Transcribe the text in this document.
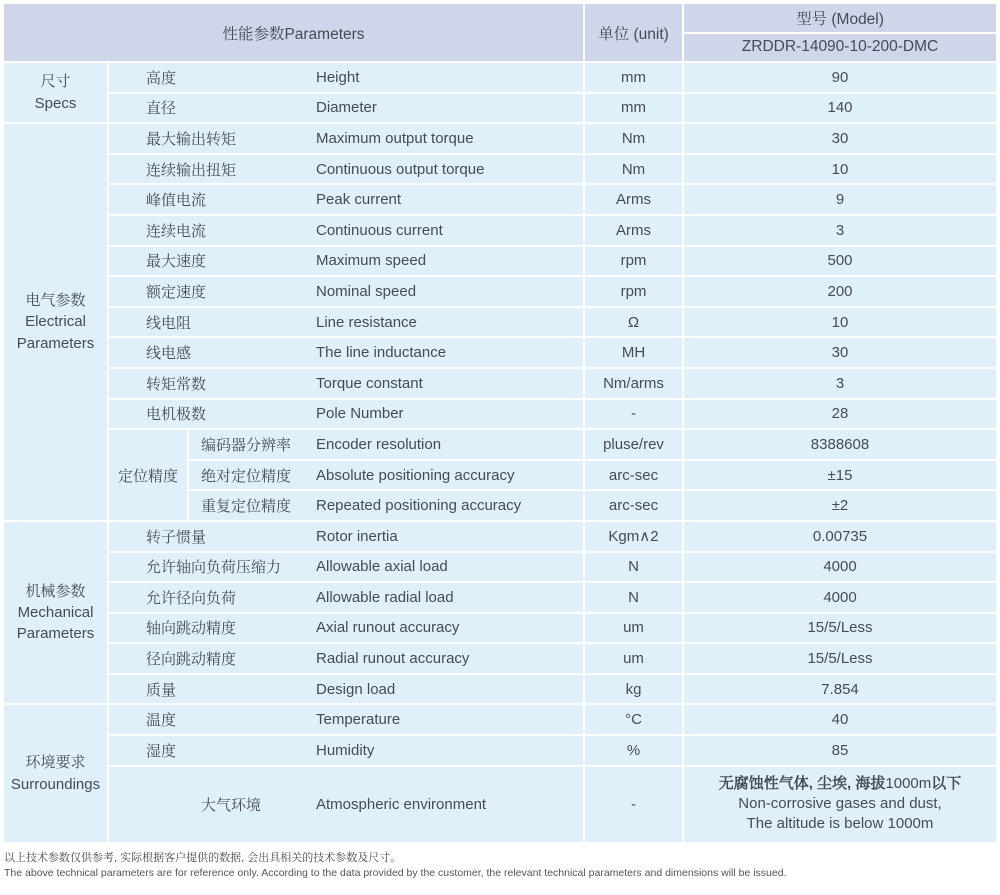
性能参数Parameters			单位 (unit)	型号 (Model)
				ZRDDR-14090-10-200-DMC

尺寸
Specs	高度 Height		mm	90
	直径 Diameter		mm	140

电气参数
Electrical Parameters	最大输出转矩 Maximum output torque		Nm	30
	连续输出扭矩 Continuous output torque		Nm	10
	峰值电流 Peak current		Arms	9
	连续电流 Continuous current		Arms	3
	最大速度 Maximum speed		rpm	500
	额定速度 Nominal speed		rpm	200
	线电阻 Line resistance		Ω	10
	线电感 The line inductance		MH	30
	转矩常数 Torque constant		Nm/arms	3
	电机极数 Pole Number		-	28
	定位精度	编码器分辨率 Encoder resolution	pluse/rev	8388608
		绝对定位精度 Absolute positioning accuracy	arc-sec	±15
		重复定位精度 Repeated positioning accuracy	arc-sec	±2

机械参数
Mechanical Parameters	转子惯量 Rotor inertia		Kgm∧2	0.00735
	允许轴向负荷压缩力 Allowable axial load		N	4000
	允许径向负荷 Allowable radial load		N	4000
	轴向跳动精度 Axial runout accuracy		um	15/5/Less
	径向跳动精度 Radial runout accuracy		um	15/5/Less
	质量 Design load		kg	7.854

环境要求
Surroundings	温度 Temperature		°C	40
	湿度 Humidity		%	85
	大气环境 Atmospheric environment		-	无腐蚀性气体, 尘埃, 海拔1000m以下
Non-corrosive gases and dust,
The altitude is below 1000m
以上技术参数仅供参考, 实际根据客户提供的数据, 会出具相关的技术参数及尺寸。
The above technical parameters are for reference only. According to the data provided by the customer, the relevant technical parameters and dimensions will be issued.
